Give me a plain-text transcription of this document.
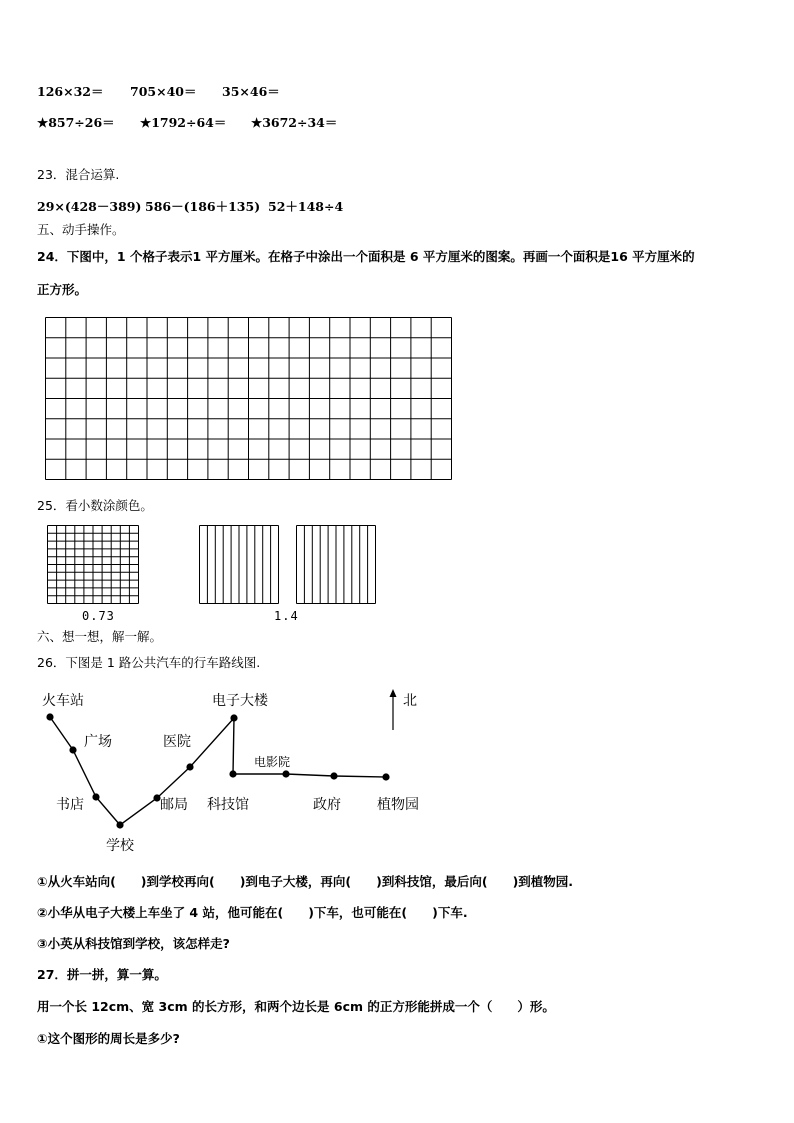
126×32＝ 705×40＝ 35×46＝
★857÷26＝ ★1792÷64＝ ★3672÷34＝
23．混合运算.
29×(428－389) 586－(186＋135) 52＋148÷4
五、动手操作。
24．下图中，1 个格子表示1 平方厘米。在格子中涂出一个面积是 6 平方厘米的图案。再画一个面积是16 平方厘米的
正方形。
25．看小数涂颜色。
0.73	1.4
六、想一想，解一解。
26．下图是 1 路公共汽车的行车路线图.
火车站
广场
书店
学校
邮局
医院
电子大楼
科技馆
电影院
政府	植物园
北
①从火车站向(　　)到学校再向(　　)到电子大楼，再向(　　)到科技馆，最后向(　　)到植物园.
②小华从电子大楼上车坐了 4 站，他可能在(　　)下车，也可能在(　　)下车.
③小英从科技馆到学校，该怎样走?
27．拼一拼，算一算。
用一个长 12cm、宽 3cm 的长方形，和两个边长是 6cm 的正方形能拼成一个（　　）形。
①这个图形的周长是多少?
